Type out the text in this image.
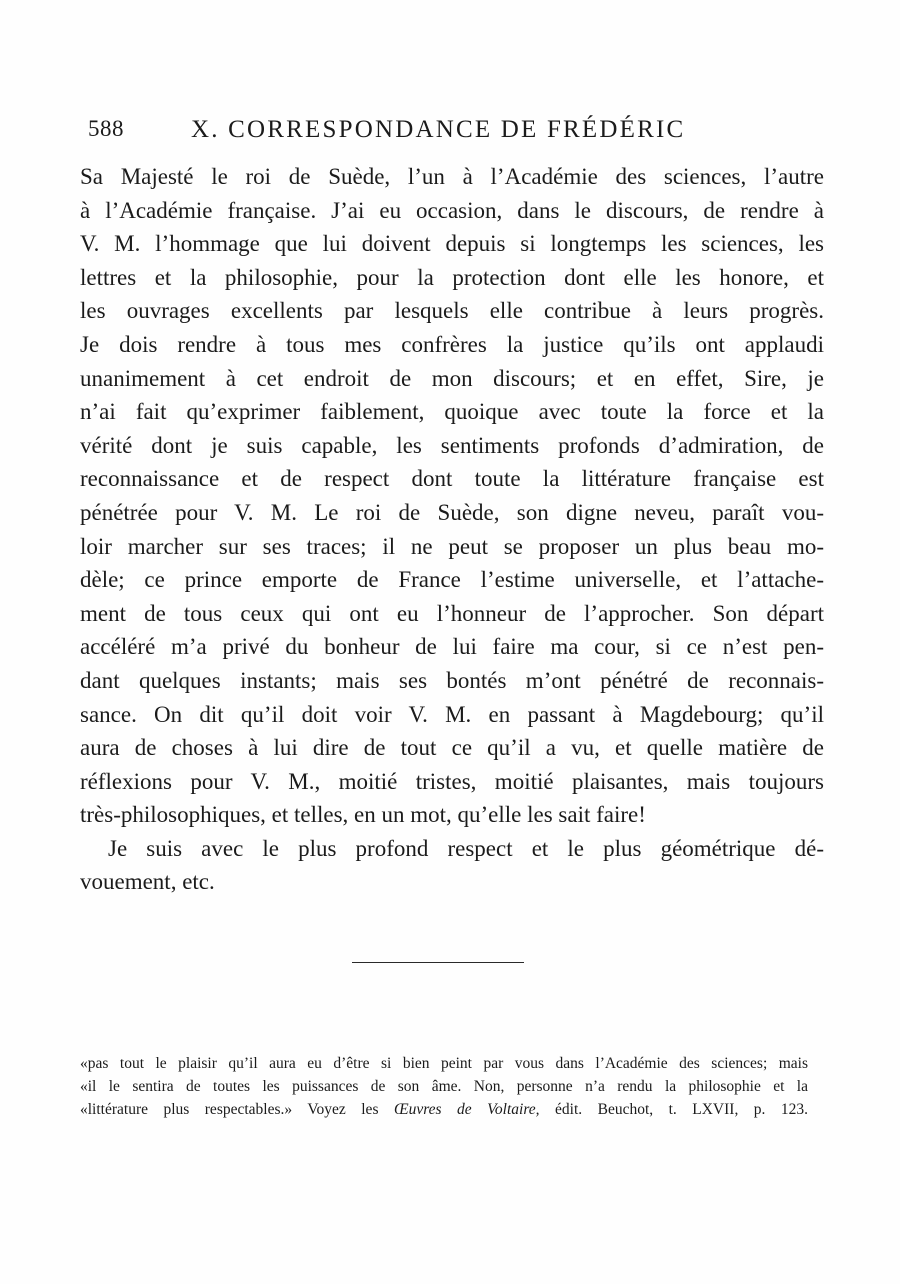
588	X. CORRESPONDANCE DE FRÉDÉRIC
Sa Majesté le roi de Suède, l’un à l’Académie des sciences, l’autre
à l’Académie française. J’ai eu occasion, dans le discours, de rendre à
V. M. l’hommage que lui doivent depuis si longtemps les sciences, les
lettres et la philosophie, pour la protection dont elle les honore, et
les ouvrages excellents par lesquels elle contribue à leurs progrès.
Je dois rendre à tous mes confrères la justice qu’ils ont applaudi
unanimement à cet endroit de mon discours; et en effet, Sire, je
n’ai fait qu’exprimer faiblement, quoique avec toute la force et la
vérité dont je suis capable, les sentiments profonds d’admiration, de
reconnaissance et de respect dont toute la littérature française est
pénétrée pour V. M. Le roi de Suède, son digne neveu, paraît vou-
loir marcher sur ses traces; il ne peut se proposer un plus beau mo-
dèle; ce prince emporte de France l’estime universelle, et l’attache-
ment de tous ceux qui ont eu l’honneur de l’approcher. Son départ
accéléré m’a privé du bonheur de lui faire ma cour, si ce n’est pen-
dant quelques instants; mais ses bontés m’ont pénétré de reconnais-
sance. On dit qu’il doit voir V. M. en passant à Magdebourg; qu’il
aura de choses à lui dire de tout ce qu’il a vu, et quelle matière de
réflexions pour V. M., moitié tristes, moitié plaisantes, mais toujours
très-philosophiques, et telles, en un mot, qu’elle les sait faire!
Je suis avec le plus profond respect et le plus géométrique dé-
vouement, etc.
«pas tout le plaisir qu’il aura eu d’être si bien peint par vous dans l’Académie des sciences; mais
«il le sentira de toutes les puissances de son âme. Non, personne n’a rendu la philosophie et la
«littérature plus respectables.» Voyez les Œuvres de Voltaire, édit. Beuchot, t. LXVII, p. 123.
